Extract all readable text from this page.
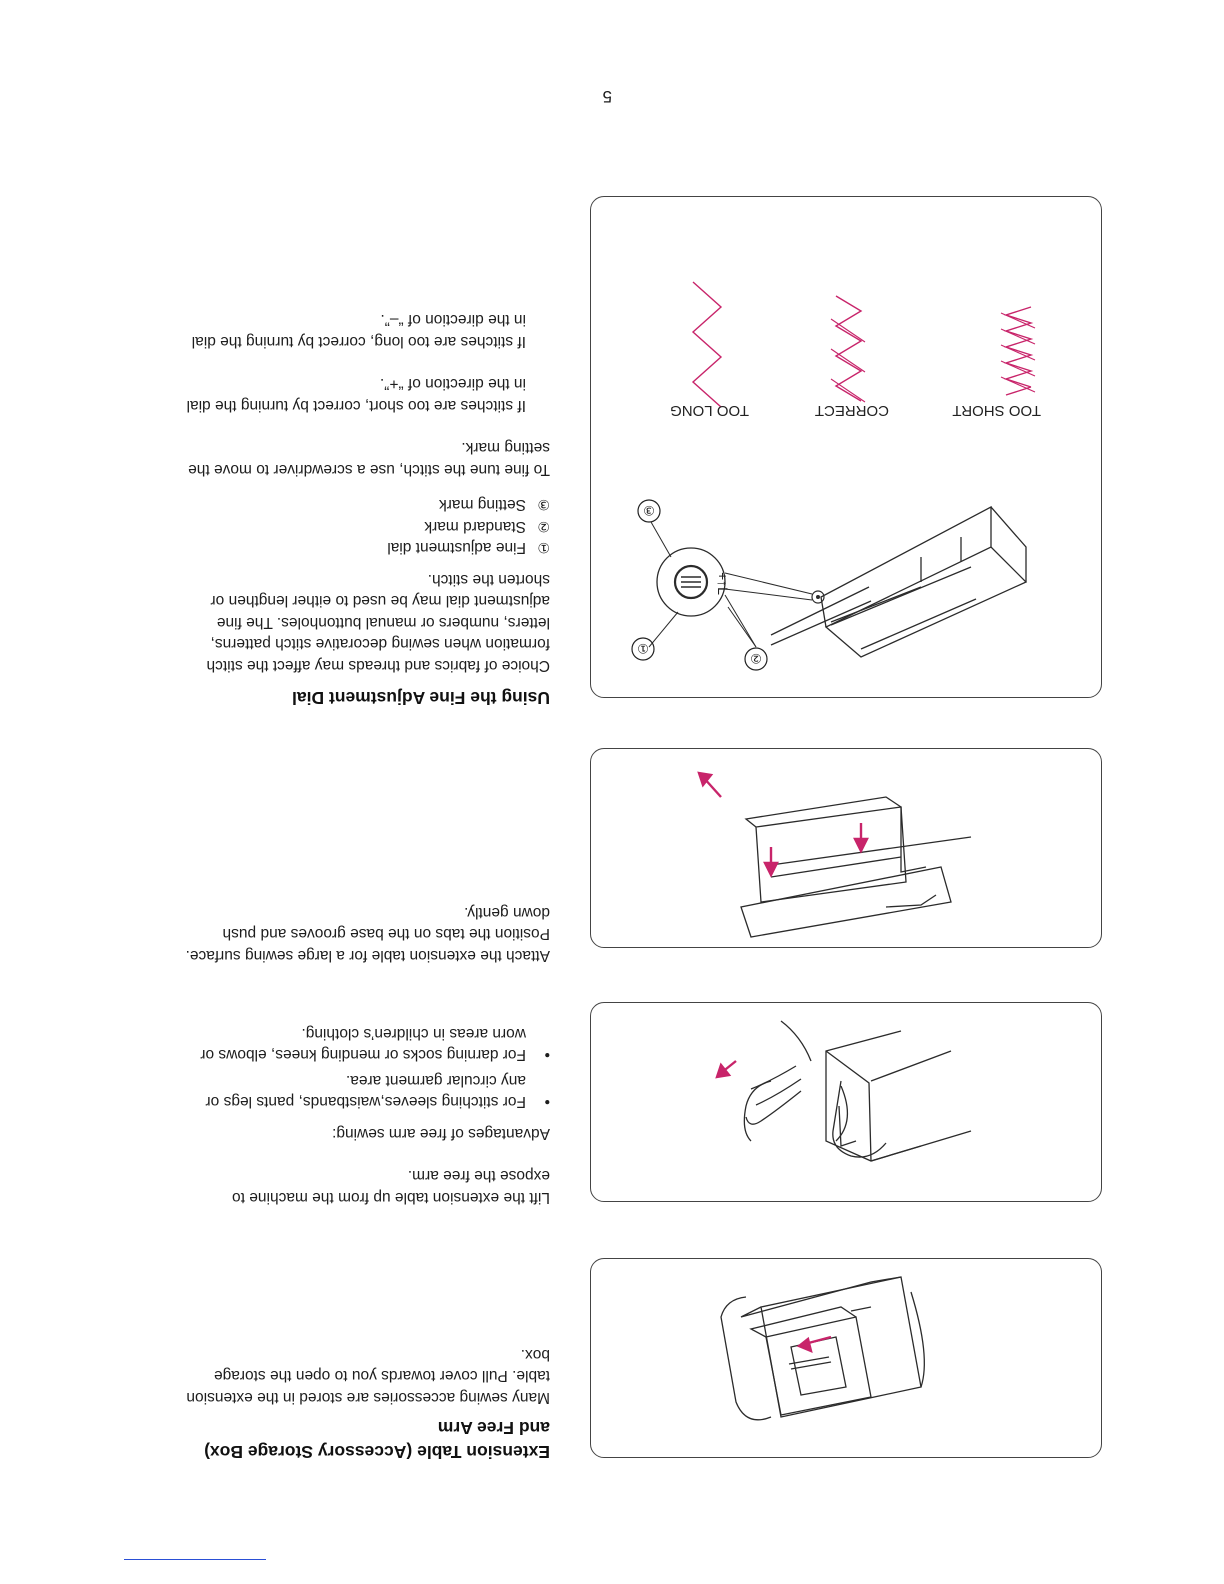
Extension Table (Accessory Storage Box)

and Free Arm

Many sewing accessories are stored in the extension

table. Pull cover towards you to open the storage

box.

Lift the extension table up from the machine to

expose the free arm.

Advantages of free arm sewing:

•

For stitching sleeves,waistbands, pants legs or

any circular garment area.

•

For darning socks or mending knees, elbows or

worn areas in children’s clothing.

Attach the extension table for a large sewing surface.

Position the tabs on the base grooves and push

down gently.

Using the Fine Adjustment Dial

Choice of fabrics and threads may affect the stitch

formation when sewing decorative stitch patterns,

letters, numbers or manual buttonholes. The fine

adjustment dial may be used to either lengthen or

shorten the stitch.

①

Fine adjustment dial

②

Standard mark

③

Setting mark

To fine tune the stitch, use a screwdriver to move the

setting mark.

If stitches are too short, correct by turning the dial

in the direction of “+”.

If stitches are too long, correct by turning the dial

in the direction of “–”.

+↑L
②
③
①
TOO SHORT
CORRECT
TOO LONG
5
